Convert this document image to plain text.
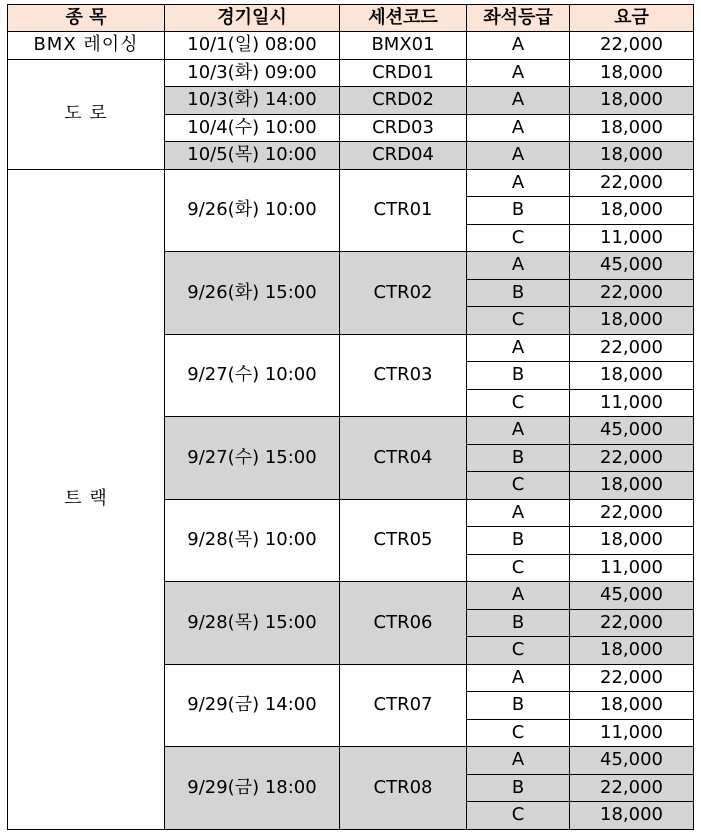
종 목	경기일시	세션코드	좌석등급	요금
BMX 레이싱	10/1(일) 08:00	BMX01	A	22,000
도 로	10/3(화) 09:00	CRD01	A	18,000
	10/3(화) 14:00	CRD02	A	18,000
	10/4(수) 10:00	CRD03	A	18,000
	10/5(목) 10:00	CRD04	A	18,000
트 랙	9/26(화) 10:00	CTR01	A	22,000
			B	18,000
			C	11,000
	9/26(화) 15:00	CTR02	A	45,000
			B	22,000
			C	18,000
	9/27(수) 10:00	CTR03	A	22,000
			B	18,000
			C	11,000
	9/27(수) 15:00	CTR04	A	45,000
			B	22,000
			C	18,000
	9/28(목) 10:00	CTR05	A	22,000
			B	18,000
			C	11,000
	9/28(목) 15:00	CTR06	A	45,000
			B	22,000
			C	18,000
	9/29(금) 14:00	CTR07	A	22,000
			B	18,000
			C	11,000
	9/29(금) 18:00	CTR08	A	45,000
			B	22,000
			C	18,000
